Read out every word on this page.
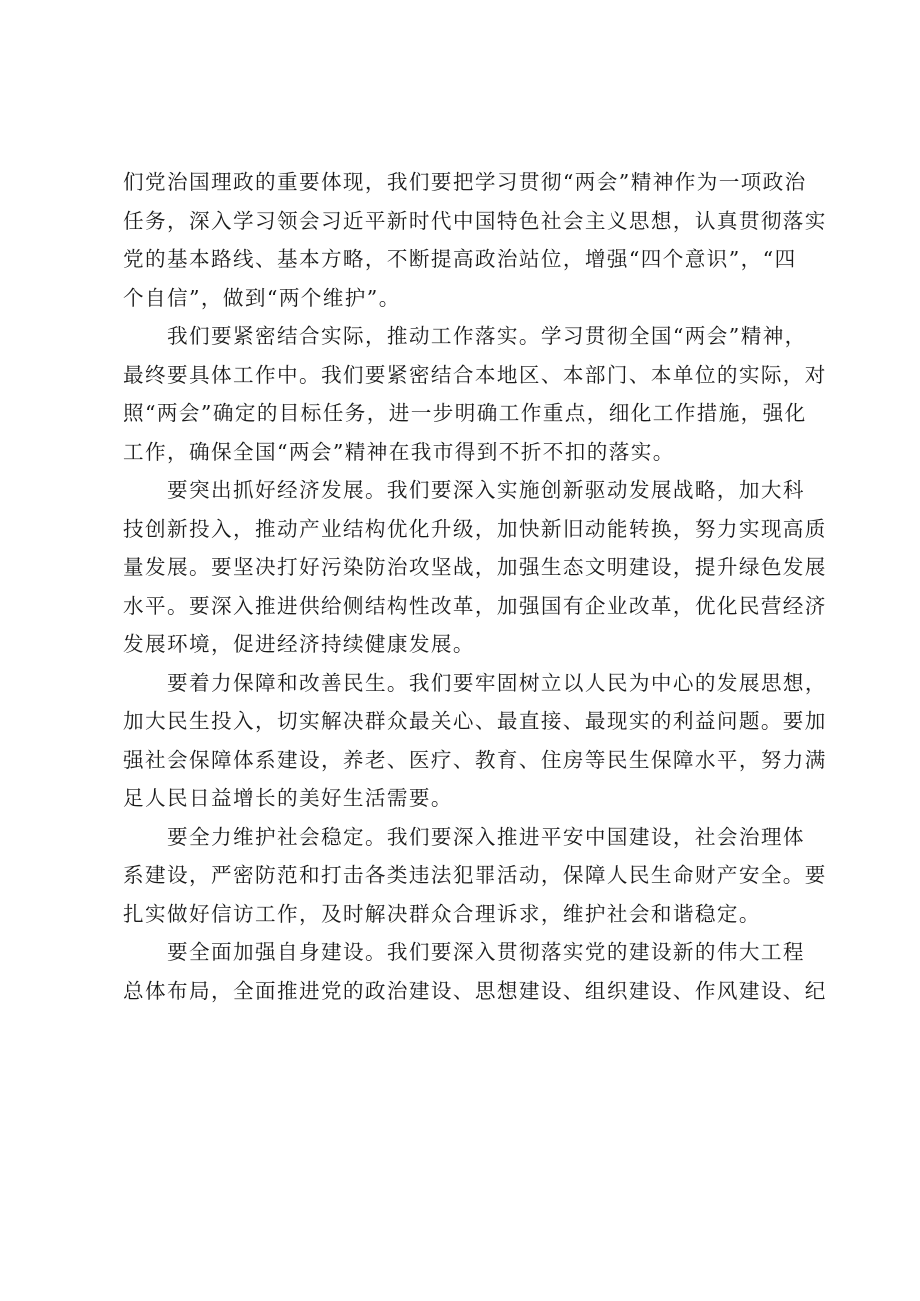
们党治国理政的重要体现，我们要把学习贯彻“两会”精神作为一项政治
任务，深入学习领会习近平新时代中国特色社会主义思想，认真贯彻落实
党的基本路线、基本方略，不断提高政治站位，增强“四个意识”，“四
个自信”，做到“两个维护”。

我们要紧密结合实际，推动工作落实。学习贯彻全国“两会”精神，
最终要具体工作中。我们要紧密结合本地区、本部门、本单位的实际，对
照“两会”确定的目标任务，进一步明确工作重点，细化工作措施，强化
工作，确保全国“两会”精神在我市得到不折不扣的落实。

要突出抓好经济发展。我们要深入实施创新驱动发展战略，加大科
技创新投入，推动产业结构优化升级，加快新旧动能转换，努力实现高质
量发展。要坚决打好污染防治攻坚战，加强生态文明建设，提升绿色发展
水平。要深入推进供给侧结构性改革，加强国有企业改革，优化民营经济
发展环境，促进经济持续健康发展。

要着力保障和改善民生。我们要牢固树立以人民为中心的发展思想，
加大民生投入，切实解决群众最关心、最直接、最现实的利益问题。要加
强社会保障体系建设，养老、医疗、教育、住房等民生保障水平，努力满
足人民日益增长的美好生活需要。

要全力维护社会稳定。我们要深入推进平安中国建设，社会治理体
系建设，严密防范和打击各类违法犯罪活动，保障人民生命财产安全。要
扎实做好信访工作，及时解决群众合理诉求，维护社会和谐稳定。

要全面加强自身建设。我们要深入贯彻落实党的建设新的伟大工程
总体布局，全面推进党的政治建设、思想建设、组织建设、作风建设、纪
